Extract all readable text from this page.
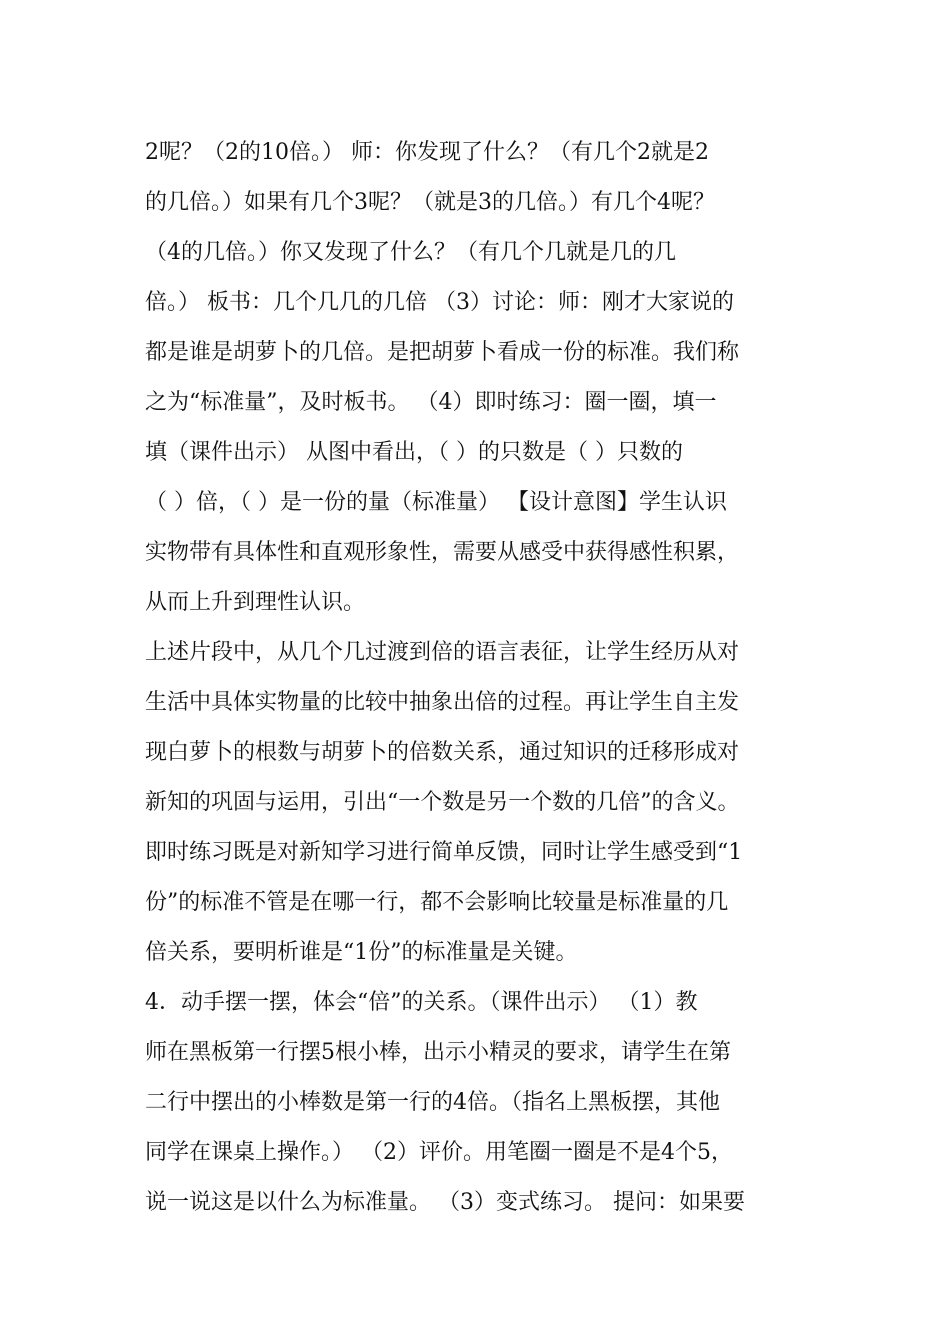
2呢？（2的10倍。） 师：你发现了什么？（有几个2就是2
的几倍。）如果有几个3呢？（就是3的几倍。）有几个4呢？
（4的几倍。）你又发现了什么？（有几个几就是几的几
倍。） 板书：几个几几的几倍 （3）讨论：师：刚才大家说的
都是谁是胡萝卜的几倍。是把胡萝卜看成一份的标准。我们称
之为“标准量”，及时板书。 （4）即时练习：圈一圈，填一
填（课件出示） 从图中看出，（ ）的只数是（ ）只数的
（ ）倍，（ ）是一份的量（标准量） 【设计意图】学生认识
实物带有具体性和直观形象性，需要从感受中获得感性积累，
从而上升到理性认识。
上述片段中，从几个几过渡到倍的语言表征，让学生经历从对
生活中具体实物量的比较中抽象出倍的过程。再让学生自主发
现白萝卜的根数与胡萝卜的倍数关系，通过知识的迁移形成对
新知的巩固与运用，引出“一个数是另一个数的几倍”的含义。
即时练习既是对新知学习进行简单反馈，同时让学生感受到“1
份”的标准不管是在哪一行，都不会影响比较量是标准量的几
倍关系，要明析谁是“1份”的标准量是关键。
4．动手摆一摆，体会“倍”的关系。（课件出示） （1）教
师在黑板第一行摆5根小棒，出示小精灵的要求，请学生在第
二行中摆出的小棒数是第一行的4倍。（指名上黑板摆，其他
同学在课桌上操作。） （2）评价。用笔圈一圈是不是4个5，
说一说这是以什么为标准量。 （3）变式练习。 提问：如果要
